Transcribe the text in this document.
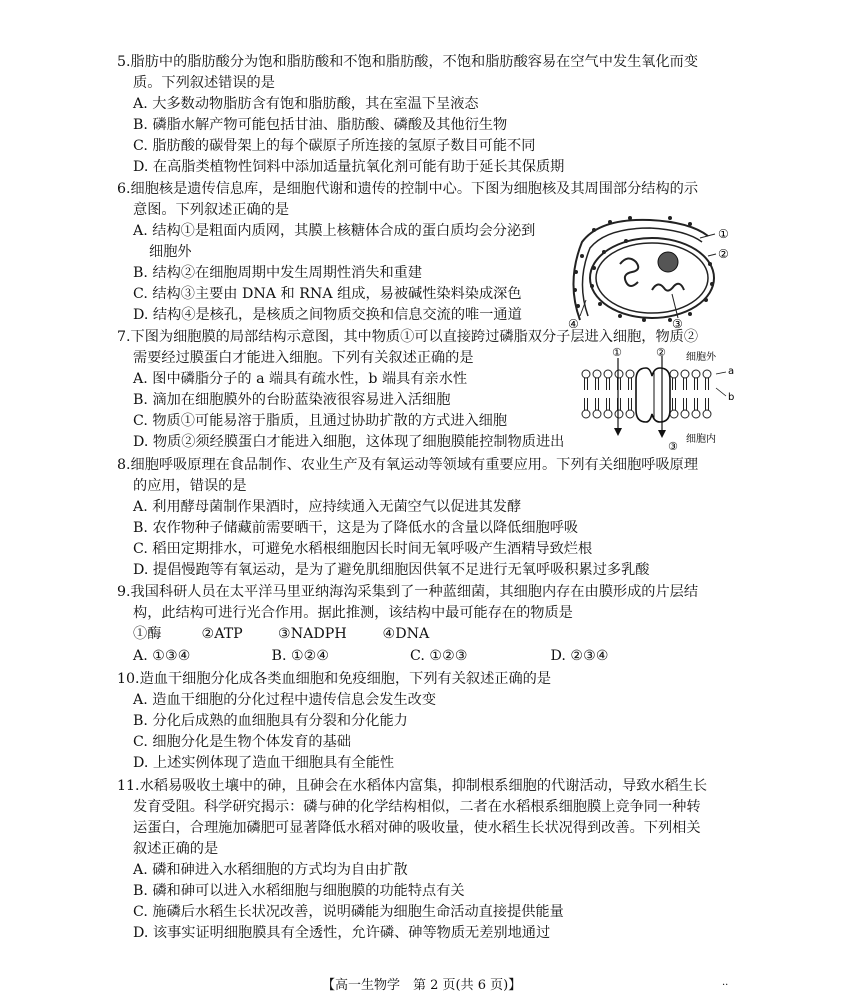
5.脂肪中的脂肪酸分为饱和脂肪酸和不饱和脂肪酸，不饱和脂肪酸容易在空气中发生氧化而变
质。下列叙述错误的是
A. 大多数动物脂肪含有饱和脂肪酸，其在室温下呈液态
B. 磷脂水解产物可能包括甘油、脂肪酸、磷酸及其他衍生物
C. 脂肪酸的碳骨架上的每个碳原子所连接的氢原子数目可能不同
D. 在高脂类植物性饲料中添加适量抗氧化剂可能有助于延长其保质期
6.细胞核是遗传信息库，是细胞代谢和遗传的控制中心。下图为细胞核及其周围部分结构的示
意图。下列叙述正确的是
A. 结构①是粗面内质网，其膜上核糖体合成的蛋白质均会分泌到
细胞外
B. 结构②在细胞周期中发生周期性消失和重建
C. 结构③主要由 DNA 和 RNA 组成，易被碱性染料染成深色
D. 结构④是核孔，是核质之间物质交换和信息交流的唯一通道
①
②
③
④
7.下图为细胞膜的局部结构示意图，其中物质①可以直接跨过磷脂双分子层进入细胞，物质②
需要经过膜蛋白才能进入细胞。下列有关叙述正确的是
A. 图中磷脂分子的 a 端具有疏水性，b 端具有亲水性
B. 滴加在细胞膜外的台盼蓝染液很容易进入活细胞
C. 物质①可能易溶于脂质，且通过协助扩散的方式进入细胞
D. 物质②须经膜蛋白才能进入细胞，这体现了细胞膜能控制物质进出
①	②
③
细胞外
细胞内
a
b
8.细胞呼吸原理在食品制作、农业生产及有氧运动等领域有重要应用。下列有关细胞呼吸原理
的应用，错误的是
A. 利用酵母菌制作果酒时，应持续通入无菌空气以促进其发酵
B. 农作物种子储藏前需要晒干，这是为了降低水的含量以降低细胞呼吸
C. 稻田定期排水，可避免水稻根细胞因长时间无氧呼吸产生酒精导致烂根
D. 提倡慢跑等有氧运动，是为了避免肌细胞因供氧不足进行无氧呼吸积累过多乳酸
9.我国科研人员在太平洋马里亚纳海沟采集到了一种蓝细菌，其细胞内存在由膜形成的片层结
构，此结构可进行光合作用。据此推测，该结构中最可能存在的物质是
①酶	②ATP ③NADPH	④DNA
A. ①③④	B. ①②④	C. ①②③	D. ②③④
10.造血干细胞分化成各类血细胞和免疫细胞，下列有关叙述正确的是
A. 造血干细胞的分化过程中遗传信息会发生改变
B. 分化后成熟的血细胞具有分裂和分化能力
C. 细胞分化是生物个体发育的基础
D. 上述实例体现了造血干细胞具有全能性
11.水稻易吸收土壤中的砷，且砷会在水稻体内富集，抑制根系细胞的代谢活动，导致水稻生长
发育受阻。科学研究揭示：磷与砷的化学结构相似，二者在水稻根系细胞膜上竞争同一种转
运蛋白，合理施加磷肥可显著降低水稻对砷的吸收量，使水稻生长状况得到改善。下列相关
叙述正确的是
A. 磷和砷进入水稻细胞的方式均为自由扩散
B. 磷和砷可以进入水稻细胞与细胞膜的功能特点有关
C. 施磷后水稻生长状况改善，说明磷能为细胞生命活动直接提供能量
D. 该事实证明细胞膜具有全透性，允许磷、砷等物质无差别地通过
【高一生物学　第 2 页(共 6 页)】	··
